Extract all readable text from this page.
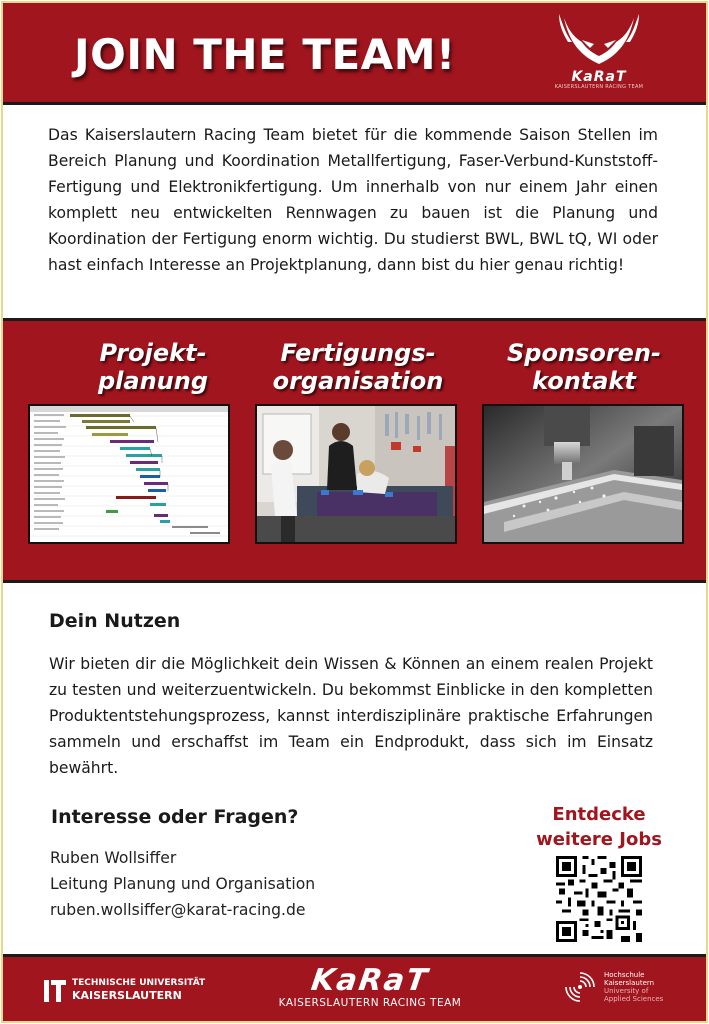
JOIN THE TEAM!	KaRaT
KAISERSLAUTERN RACING TEAM

Das Kaiserslautern Racing Team bietet für die kommende Saison Stellen im Bereich Planung und Koordination Metallfertigung, Faser-Verbund-Kunststoff-Fertigung und Elektronikfertigung. Um innerhalb von nur einem Jahr einen komplett neu entwickelten Rennwagen zu bauen ist die Planung und Koordination der Fertigung enorm wichtig. Du studierst BWL, BWL tQ, WI oder hast einfach Interesse an Projektplanung, dann bist du hier genau richtig!

Projekt-
planung
Fertigungs-
organisation
Sponsoren-
kontakt
Dein Nutzen

Wir bieten dir die Möglichkeit dein Wissen & Können an einem realen Projekt zu testen und weiterzuentwickeln. Du bekommst Einblicke in den kompletten Produktentstehungsprozess, kannst interdisziplinäre praktische Erfahrungen sammeln und erschaffst im Team ein Endprodukt, dass sich im Einsatz bewährt.

Interesse oder Fragen?
Ruben Wollsiffer
Leitung Planung und Organisation
ruben.wollsiffer@karat-racing.de
Entdecke
weitere Jobs
TECHNISCHE UNIVERSITÄT
KAISERSLAUTERN	KaRaT
KAISERSLAUTERN RACING TEAM
Hochschule
Kaiserslautern
University of
Applied Sciences
